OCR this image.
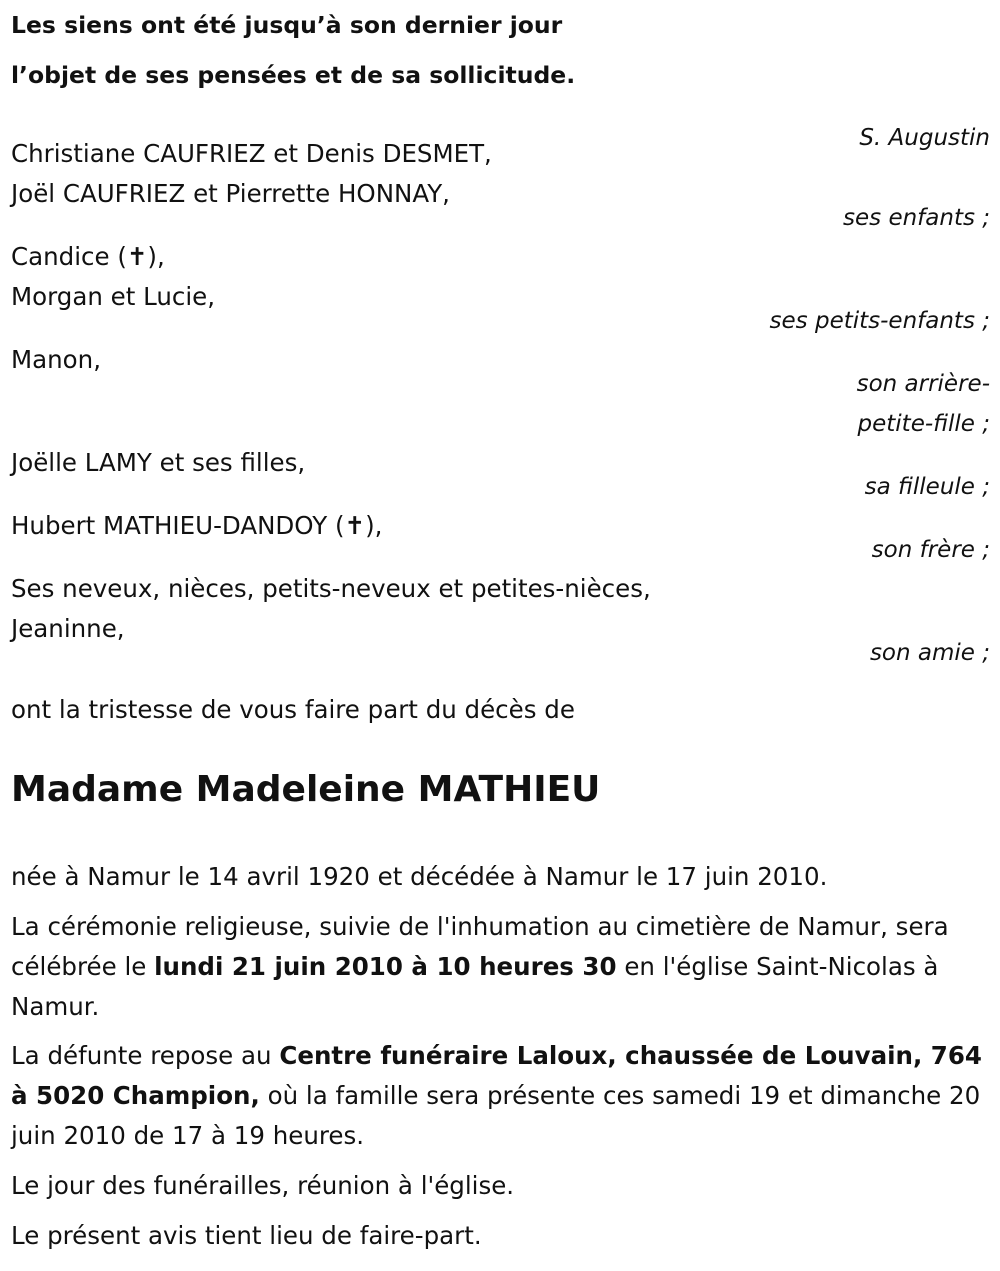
Les siens ont été jusqu’à son dernier jour
l’objet de ses pensées et de sa sollicitude.
S. Augustin
Christiane CAUFRIEZ et Denis DESMET,
Joël CAUFRIEZ et Pierrette HONNAY,
ses enfants ;
Candice (✝),
Morgan et Lucie,
ses petits-enfants ;
Manon,
son arrière-
petite-fille ;
Joëlle LAMY et ses filles,
sa filleule ;
Hubert MATHIEU-DANDOY (✝),
son frère ;
Ses neveux, nièces, petits-neveux et petites-nièces,
Jeaninne,
son amie ;
ont la tristesse de vous faire part du décès de
Madame Madeleine MATHIEU
née à Namur le 14 avril 1920 et décédée à Namur le 17 juin 2010.
La cérémonie religieuse, suivie de l'inhumation au cimetière de Namur, sera célébrée le lundi 21 juin 2010 à 10 heures 30 en l'église Saint-Nicolas à Namur.
La défunte repose au Centre funéraire Laloux, chaussée de Louvain, 764 à 5020 Champion, où la famille sera présente ces samedi 19 et dimanche 20 juin 2010 de 17 à 19 heures.
Le jour des funérailles, réunion à l'église.
Le présent avis tient lieu de faire-part.
